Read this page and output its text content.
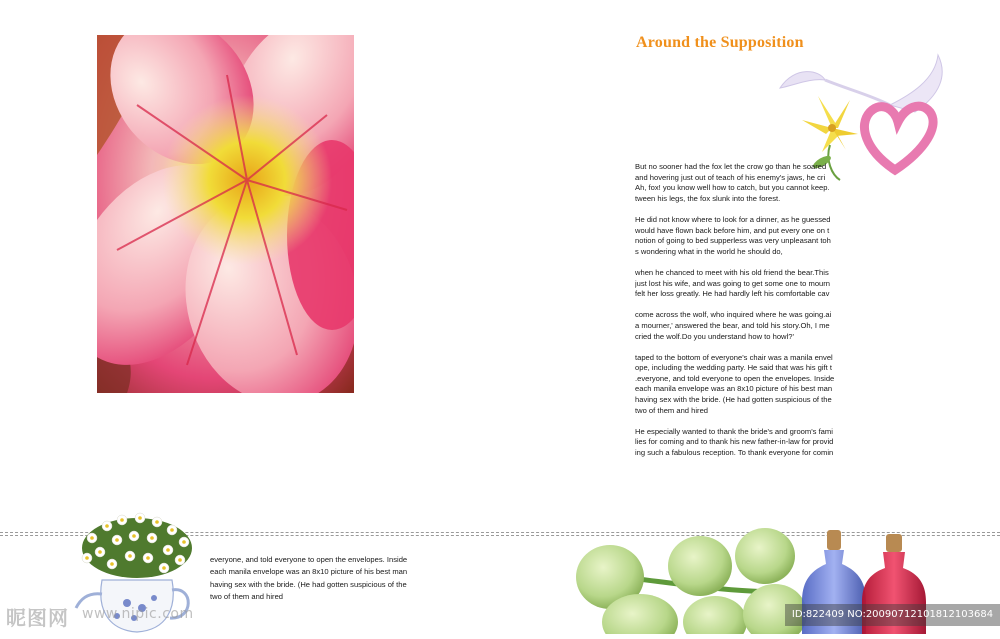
Around the Supposition

But no sooner had the fox let the crow go than he soared
and hovering just out of teach of his enemy's jaws, he cri
Ah, fox! you know well how to catch, but you cannot keep.
tween his legs, the fox slunk into the forest.

He did not know where to look for a dinner, as he guessed
would have flown back before him, and put every one on t
notion of going to bed supperless was very unpleasant toh
s wondering what in the world he should do,

when he chanced to meet with his old friend the bear.This
just lost his wife, and was going to get some one to mourn
felt her loss greatly. He had hardly left his comfortable cav

come across the wolf, who inquired where he was going.ai
a mourner,' answered the bear, and told his story.Oh, I me
cried the wolf.Do you understand how to howl?'

taped to the bottom of everyone's chair was a manila envel
ope, including the wedding party. He said that was his gift t
.everyone, and told everyone to open the envelopes. Inside
each manila envelope was an 8x10 picture of his best man
having sex with the bride. (He had gotten suspicious of the
two of them and hired

He especially wanted to thank the bride's and groom's fami
lies for coming and to thank his new father-in-law for provid
ing such a fabulous reception. To thank everyone for comin

everyone, and told everyone to open the envelopes. Inside
each manila envelope was an 8x10 picture of his best man
having sex with the bride. (He had gotten suspicious of the
two of them and hired
昵图网 www.nipic.com	ID:822409 NO:20090712101812103684
